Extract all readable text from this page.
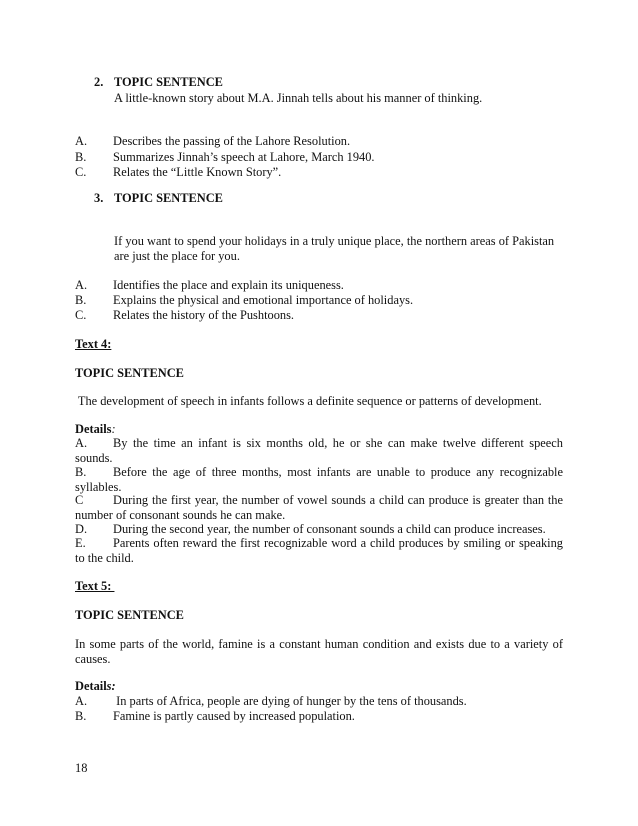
2. TOPIC SENTENCE
A little-known story about M.A. Jinnah tells about his manner of thinking.
A. Describes the passing of the Lahore Resolution.
B. Summarizes Jinnah’s speech at Lahore, March 1940.
C. Relates the “Little Known Story”.
3. TOPIC SENTENCE
If you want to spend your holidays in a truly unique place, the northern areas of Pakistan
are just the place for you.
A. Identifies the place and explain its uniqueness.
B. Explains the physical and emotional importance of holidays.
C. Relates the history of the Pushtoons.
Text 4:
TOPIC SENTENCE
The development of speech in infants follows a definite sequence or patterns of development.
Details:
A. By the time an infant is six months old, he or she can make twelve different speech sounds.
B. Before the age of three months, most infants are unable to produce any recognizable syllables.
C During the first year, the number of vowel sounds a child can produce is greater than the number of consonant sounds he can make.
D. During the second year, the number of consonant sounds a child can produce increases.
E. Parents often reward the first recognizable word a child produces by smiling or speaking to the child.
Text 5:
TOPIC SENTENCE
In some parts of the world, famine is a constant human condition and exists due to a variety of causes.
Details:
A. In parts of Africa, people are dying of hunger by the tens of thousands.
B. Famine is partly caused by increased population.
18
